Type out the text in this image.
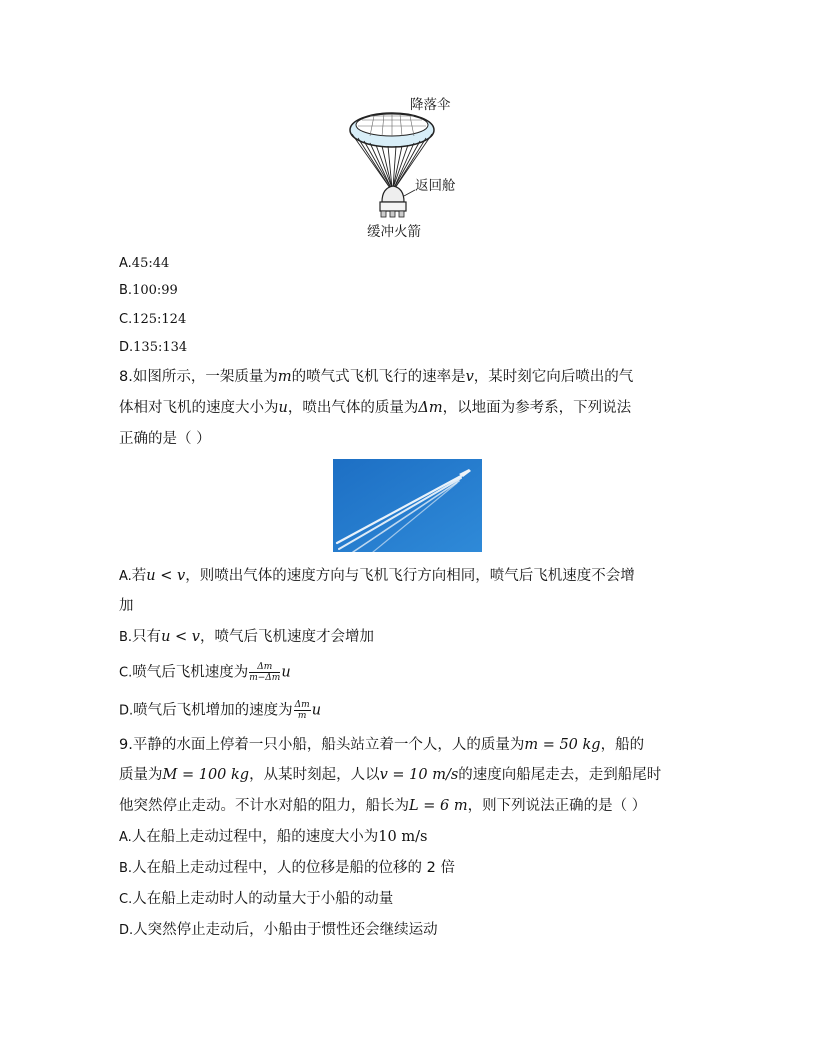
降落伞
返回舱
缓冲火箭
A.45:44
B.100:99
C.125:124
D.135:134
8.如图所示，一架质量为m的喷气式飞机飞行的速率是v，某时刻它向后喷出的气
体相对飞机的速度大小为u，喷出气体的质量为Δm，以地面为参考系，下列说法
正确的是（ ）
A.若u < v，则喷出气体的速度方向与飞机飞行方向相同，喷气后飞机速度不会增
加
B.只有u < v，喷气后飞机速度才会增加
C.喷气后飞机速度为 $\frac{\Delta m}{m-\Delta m}$ u
D.喷气后飞机增加的速度为 $\frac{\Delta m}{m}$ u
9.平静的水面上停着一只小船，船头站立着一个人，人的质量为m = 50 kg，船的
质量为M = 100 kg，从某时刻起，人以v = 10 m/s的速度向船尾走去，走到船尾时
他突然停止走动。不计水对船的阻力，船长为L = 6 m，则下列说法正确的是（ ）
A.人在船上走动过程中，船的速度大小为10 m/s
B.人在船上走动过程中，人的位移是船的位移的 2 倍
C.人在船上走动时人的动量大于小船的动量
D.人突然停止走动后，小船由于惯性还会继续运动
